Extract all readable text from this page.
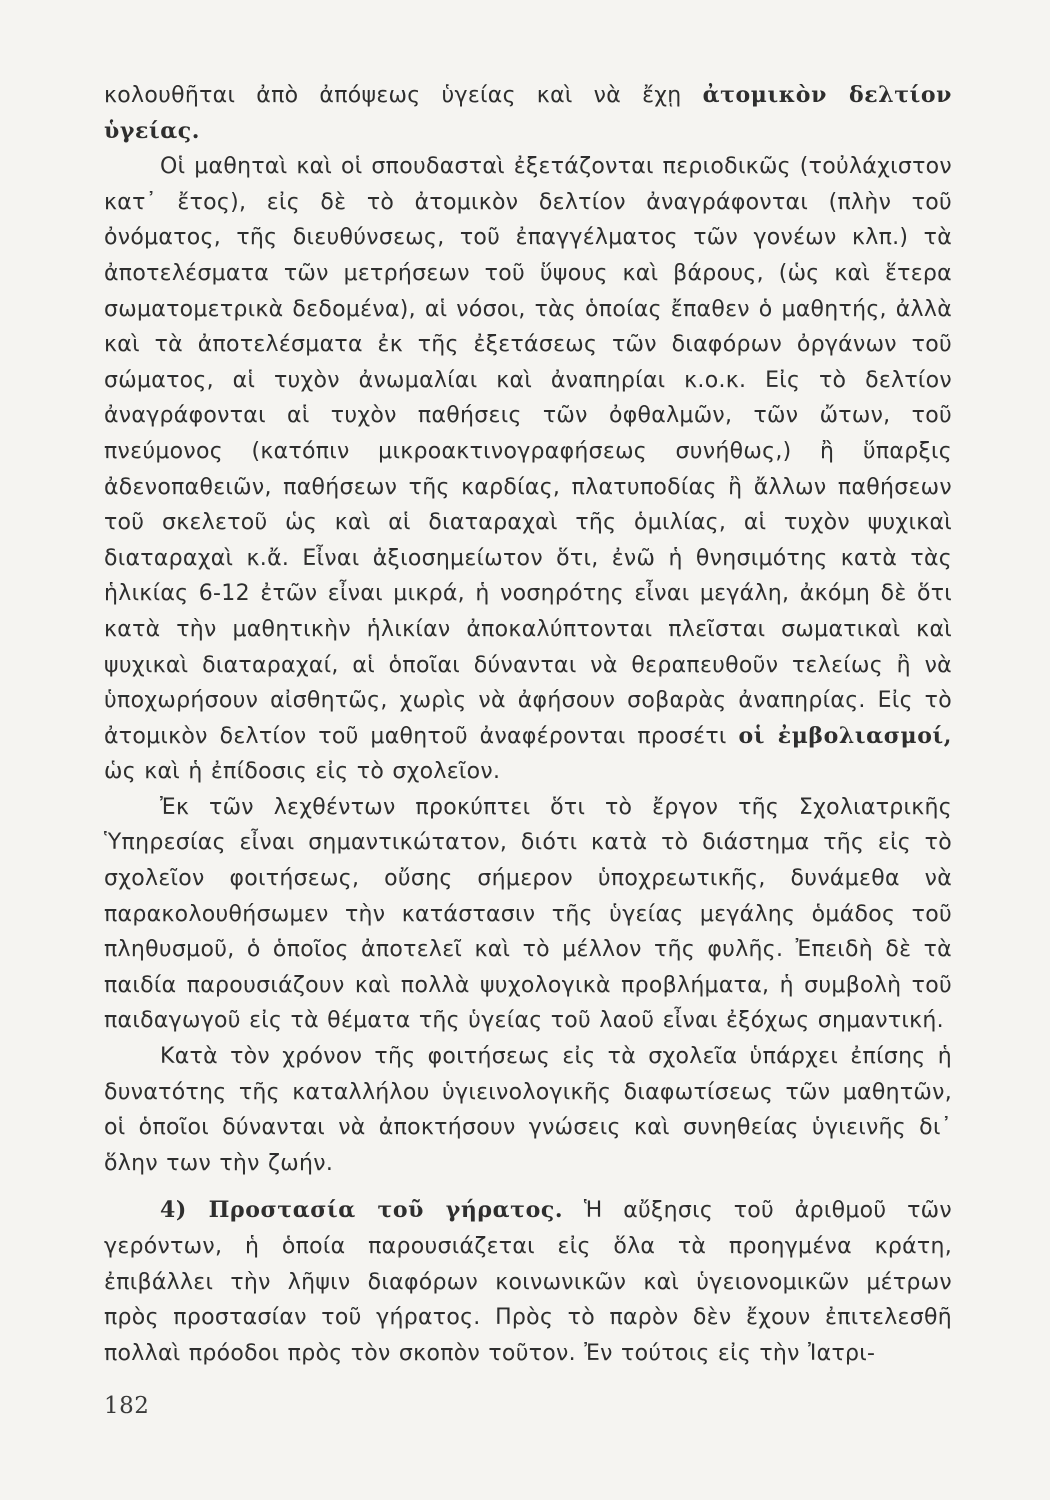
κολουθῆται ἀπὸ ἀπόψεως ὑγείας καὶ νὰ ἔχῃ ἀτομικὸν δελτίον ὑγείας.

Οἱ μαθηταὶ καὶ οἱ σπουδασταὶ ἐξετάζονται περιοδικῶς (τοὐλάχιστον κατ᾽ ἔτος), εἰς δὲ τὸ ἀτομικὸν δελτίον ἀναγράφονται (πλὴν τοῦ ὀνόματος, τῆς διευθύνσεως, τοῦ ἐπαγγέλματος τῶν γονέων κλπ.) τὰ ἀποτελέσματα τῶν μετρήσεων τοῦ ὕψους καὶ βάρους, (ὡς καὶ ἕτερα σωματομετρικὰ δεδομένα), αἱ νόσοι, τὰς ὁποίας ἔπαθεν ὁ μαθητής, ἀλλὰ καὶ τὰ ἀποτελέσματα ἐκ τῆς ἐξετάσεως τῶν διαφόρων ὀργάνων τοῦ σώματος, αἱ τυχὸν ἀνωμαλίαι καὶ ἀναπηρίαι κ.ο.κ. Εἰς τὸ δελτίον ἀναγράφονται αἱ τυχὸν παθήσεις τῶν ὀφθαλμῶν, τῶν ὤτων, τοῦ πνεύμονος (κατόπιν μικροακτινογραφήσεως συνήθως,) ἢ ὕπαρξις ἀδενοπαθειῶν, παθήσεων τῆς καρδίας, πλατυποδίας ἢ ἄλλων παθήσεων τοῦ σκελετοῦ ὡς καὶ αἱ διαταραχαὶ τῆς ὁμιλίας, αἱ τυχὸν ψυχικαὶ διαταραχαὶ κ.ἄ. Εἶναι ἀξιοσημείωτον ὅτι, ἐνῶ ἡ θνησιμότης κατὰ τὰς ἡλικίας 6-12 ἐτῶν εἶναι μικρά, ἡ νοσηρότης εἶναι μεγάλη, ἀκόμη δὲ ὅτι κατὰ τὴν μαθητικὴν ἡλικίαν ἀποκαλύπτονται πλεῖσται σωματικαὶ καὶ ψυχικαὶ διαταραχαί, αἱ ὁποῖαι δύνανται νὰ θεραπευθοῦν τελείως ἢ νὰ ὑποχωρήσουν αἰσθητῶς, χωρὶς νὰ ἀφήσουν σοβαρὰς ἀναπηρίας. Εἰς τὸ ἀτομικὸν δελτίον τοῦ μαθητοῦ ἀναφέρονται προσέτι οἱ ἐμβολιασμοί, ὡς καὶ ἡ ἐπίδοσις εἰς τὸ σχολεῖον.

Ἐκ τῶν λεχθέντων προκύπτει ὅτι τὸ ἔργον τῆς Σχολιατρικῆς Ὑπηρεσίας εἶναι σημαντικώτατον, διότι κατὰ τὸ διάστημα τῆς εἰς τὸ σχολεῖον φοιτήσεως, οὔσης σήμερον ὑποχρεωτικῆς, δυνάμεθα νὰ παρακολουθήσωμεν τὴν κατάστασιν τῆς ὑγείας μεγάλης ὁμάδος τοῦ πληθυσμοῦ, ὁ ὁποῖος ἀποτελεῖ καὶ τὸ μέλλον τῆς φυλῆς. Ἐπειδὴ δὲ τὰ παιδία παρουσιάζουν καὶ πολλὰ ψυχολογικὰ προβλήματα, ἡ συμβολὴ τοῦ παιδαγωγοῦ εἰς τὰ θέματα τῆς ὑγείας τοῦ λαοῦ εἶναι ἐξόχως σημαντική.

Κατὰ τὸν χρόνον τῆς φοιτήσεως εἰς τὰ σχολεῖα ὑπάρχει ἐπίσης ἡ δυνατότης τῆς καταλλήλου ὑγιεινολογικῆς διαφωτίσεως τῶν μαθητῶν, οἱ ὁποῖοι δύνανται νὰ ἀποκτήσουν γνώσεις καὶ συνηθείας ὑγιεινῆς δι᾽ ὅλην των τὴν ζωήν.

4) Προστασία τοῦ γήρατος. Ἡ αὔξησις τοῦ ἀριθμοῦ τῶν γερόντων, ἡ ὁποία παρουσιάζεται εἰς ὅλα τὰ προηγμένα κράτη, ἐπιβάλλει τὴν λῆψιν διαφόρων κοινωνικῶν καὶ ὑγειονομικῶν μέτρων πρὸς προστασίαν τοῦ γήρατος. Πρὸς τὸ παρὸν δὲν ἔχουν ἐπιτελεσθῆ πολλαὶ πρόοδοι πρὸς τὸν σκοπὸν τοῦτον. Ἐν τούτοις εἰς τὴν Ἰατρι-

182
